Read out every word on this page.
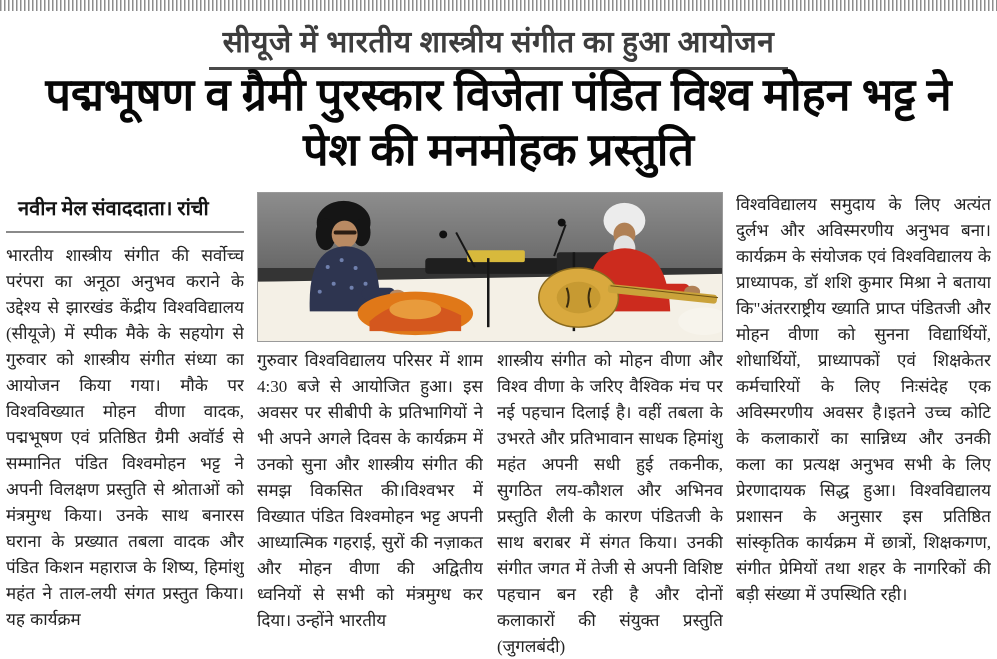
सीयूजे में भारतीय शास्त्रीय संगीत का हुआ आयोजन
पद्मभूषण व ग्रैमी पुरस्कार विजेता पंडित विश्व मोहन भट्ट ने पेश की मनमोहक प्रस्तुति
नवीन मेल संवाददाता। रांची

भारतीय शास्त्रीय संगीत की सर्वोच्च परंपरा का अनूठा अनुभव कराने के उद्देश्य से झारखंड केंद्रीय विश्वविद्यालय (सीयूजे) में स्पीक मैके के सहयोग से गुरुवार को शास्त्रीय संगीत संध्या का आयोजन किया गया। मौके पर विश्वविख्यात मोहन वीणा वादक, पद्मभूषण एवं प्रतिष्ठित ग्रैमी अवॉर्ड से सम्मानित पंडित विश्वमोहन भट्ट ने अपनी विलक्षण प्रस्तुति से श्रोताओं को मंत्रमुग्ध किया। उनके साथ बनारस घराना के प्रख्यात तबला वादक और पंडित किशन महाराज के शिष्य, हिमांशु महंत ने ताल-लयी संगत प्रस्तुत किया। यह कार्यक्रम

गुरुवार विश्वविद्यालय परिसर में शाम 4:30 बजे से आयोजित हुआ। इस अवसर पर सीबीपी के प्रतिभागियों ने भी अपने अगले दिवस के कार्यक्रम में उनको सुना और शास्त्रीय संगीत की समझ विकसित की।विश्वभर में विख्यात पंडित विश्वमोहन भट्ट अपनी आध्यात्मिक गहराई, सुरों की नज़ाकत और मोहन वीणा की अद्वितीय ध्वनियों से सभी को मंत्रमुग्ध कर दिया। उन्होंने भारतीय

शास्त्रीय संगीत को मोहन वीणा और विश्व वीणा के जरिए वैश्विक मंच पर नई पहचान दिलाई है। वहीं तबला के उभरते और प्रतिभावान साधक हिमांशु महंत अपनी सधी हुई तकनीक, सुगठित लय-कौशल और अभिनव प्रस्तुति शैली के कारण पंडितजी के साथ बराबर में संगत किया। उनकी संगीत जगत में तेजी से अपनी विशिष्ट पहचान बन रही है और दोनों कलाकारों की संयुक्त प्रस्तुति (जुगलबंदी)

विश्वविद्यालय समुदाय के लिए अत्यंत दुर्लभ और अविस्मरणीय अनुभव बना। कार्यक्रम के संयोजक एवं विश्वविद्यालय के प्राध्यापक, डॉ शशि कुमार मिश्रा ने बताया कि"अंतरराष्ट्रीय ख्याति प्राप्त पंडितजी और मोहन वीणा को सुनना विद्यार्थियों, शोधार्थियों, प्राध्यापकों एवं शिक्षकेतर कर्मचारियों के लिए निःसंदेह एक अविस्मरणीय अवसर है।इतने उच्च कोटि के कलाकारों का सान्निध्य और उनकी कला का प्रत्यक्ष अनुभव सभी के लिए प्रेरणादायक सिद्ध हुआ। विश्वविद्यालय प्रशासन के अनुसार इस प्रतिष्ठित सांस्कृतिक कार्यक्रम में छात्रों, शिक्षकगण, संगीत प्रेमियों तथा शहर के नागरिकों की बड़ी संख्या में उपस्थिति रही।
